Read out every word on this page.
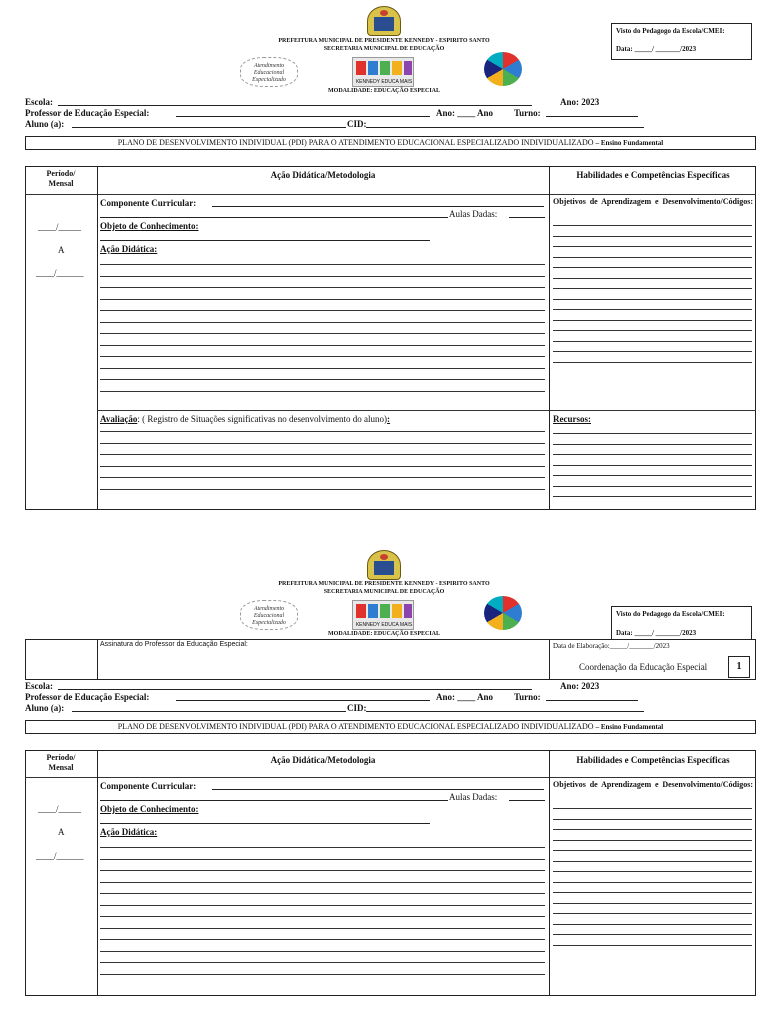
PREFEITURA MUNICIPAL DE PRESIDENTE KENNEDY - ESPIRITO SANTO
SECRETARIA MUNICIPAL DE EDUCAÇÃO
Atendimento Educacional Especializado	KENNEDY EDUCA MAIS
MODALIDADE: EDUCAÇÃO ESPECIAL
Visto do Pedagogo da Escola/CMEI:
Data: _____/ _______/2023
Escola:	Ano: 2023
Professor de Educação Especial:	Ano: ____ Ano Turno:
Aluno (a):	CID:
PLANO DE DESENVOLVIMENTO INDIVIDUAL (PDI) PARA O ATENDIMENTO EDUCACIONAL ESPECIALIZADO INDIVIDUALIZADO – Ensino Fundamental
Período/ Mensal
Ação Didática/Metodologia	Habilidades e Competências Específicas
____/_____
A
____/______
Componente Curricular:
Aulas Dadas:
Objeto de Conhecimento:
Ação Didática:
Objetivos de Aprendizagem e Desenvolvimento/Códigos:
Avaliação: ( Registro de Situações significativas no desenvolvimento do aluno):	Recursos:
PREFEITURA MUNICIPAL DE PRESIDENTE KENNEDY - ESPIRITO SANTO
SECRETARIA MUNICIPAL DE EDUCAÇÃO
Atendimento Educacional Especializado	KENNEDY EDUCA MAIS
MODALIDADE: EDUCAÇÃO ESPECIAL
Visto do Pedagogo da Escola/CMEI:
Data: _____/ _______/2023
Assinatura do Professor da Educação Especial:	Data de Elaboração:_____/_______/2023
Coordenação da Educação Especial	1
Escola:	Ano: 2023
Professor de Educação Especial:	Ano: ____ Ano Turno:
Aluno (a):	CID:
PLANO DE DESENVOLVIMENTO INDIVIDUAL (PDI) PARA O ATENDIMENTO EDUCACIONAL ESPECIALIZADO INDIVIDUALIZADO – Ensino Fundamental
Período/ Mensal
Ação Didática/Metodologia	Habilidades e Competências Específicas
____/_____
A
____/______
Componente Curricular:
Aulas Dadas:
Objeto de Conhecimento:
Ação Didática:
Objetivos de Aprendizagem e Desenvolvimento/Códigos:
